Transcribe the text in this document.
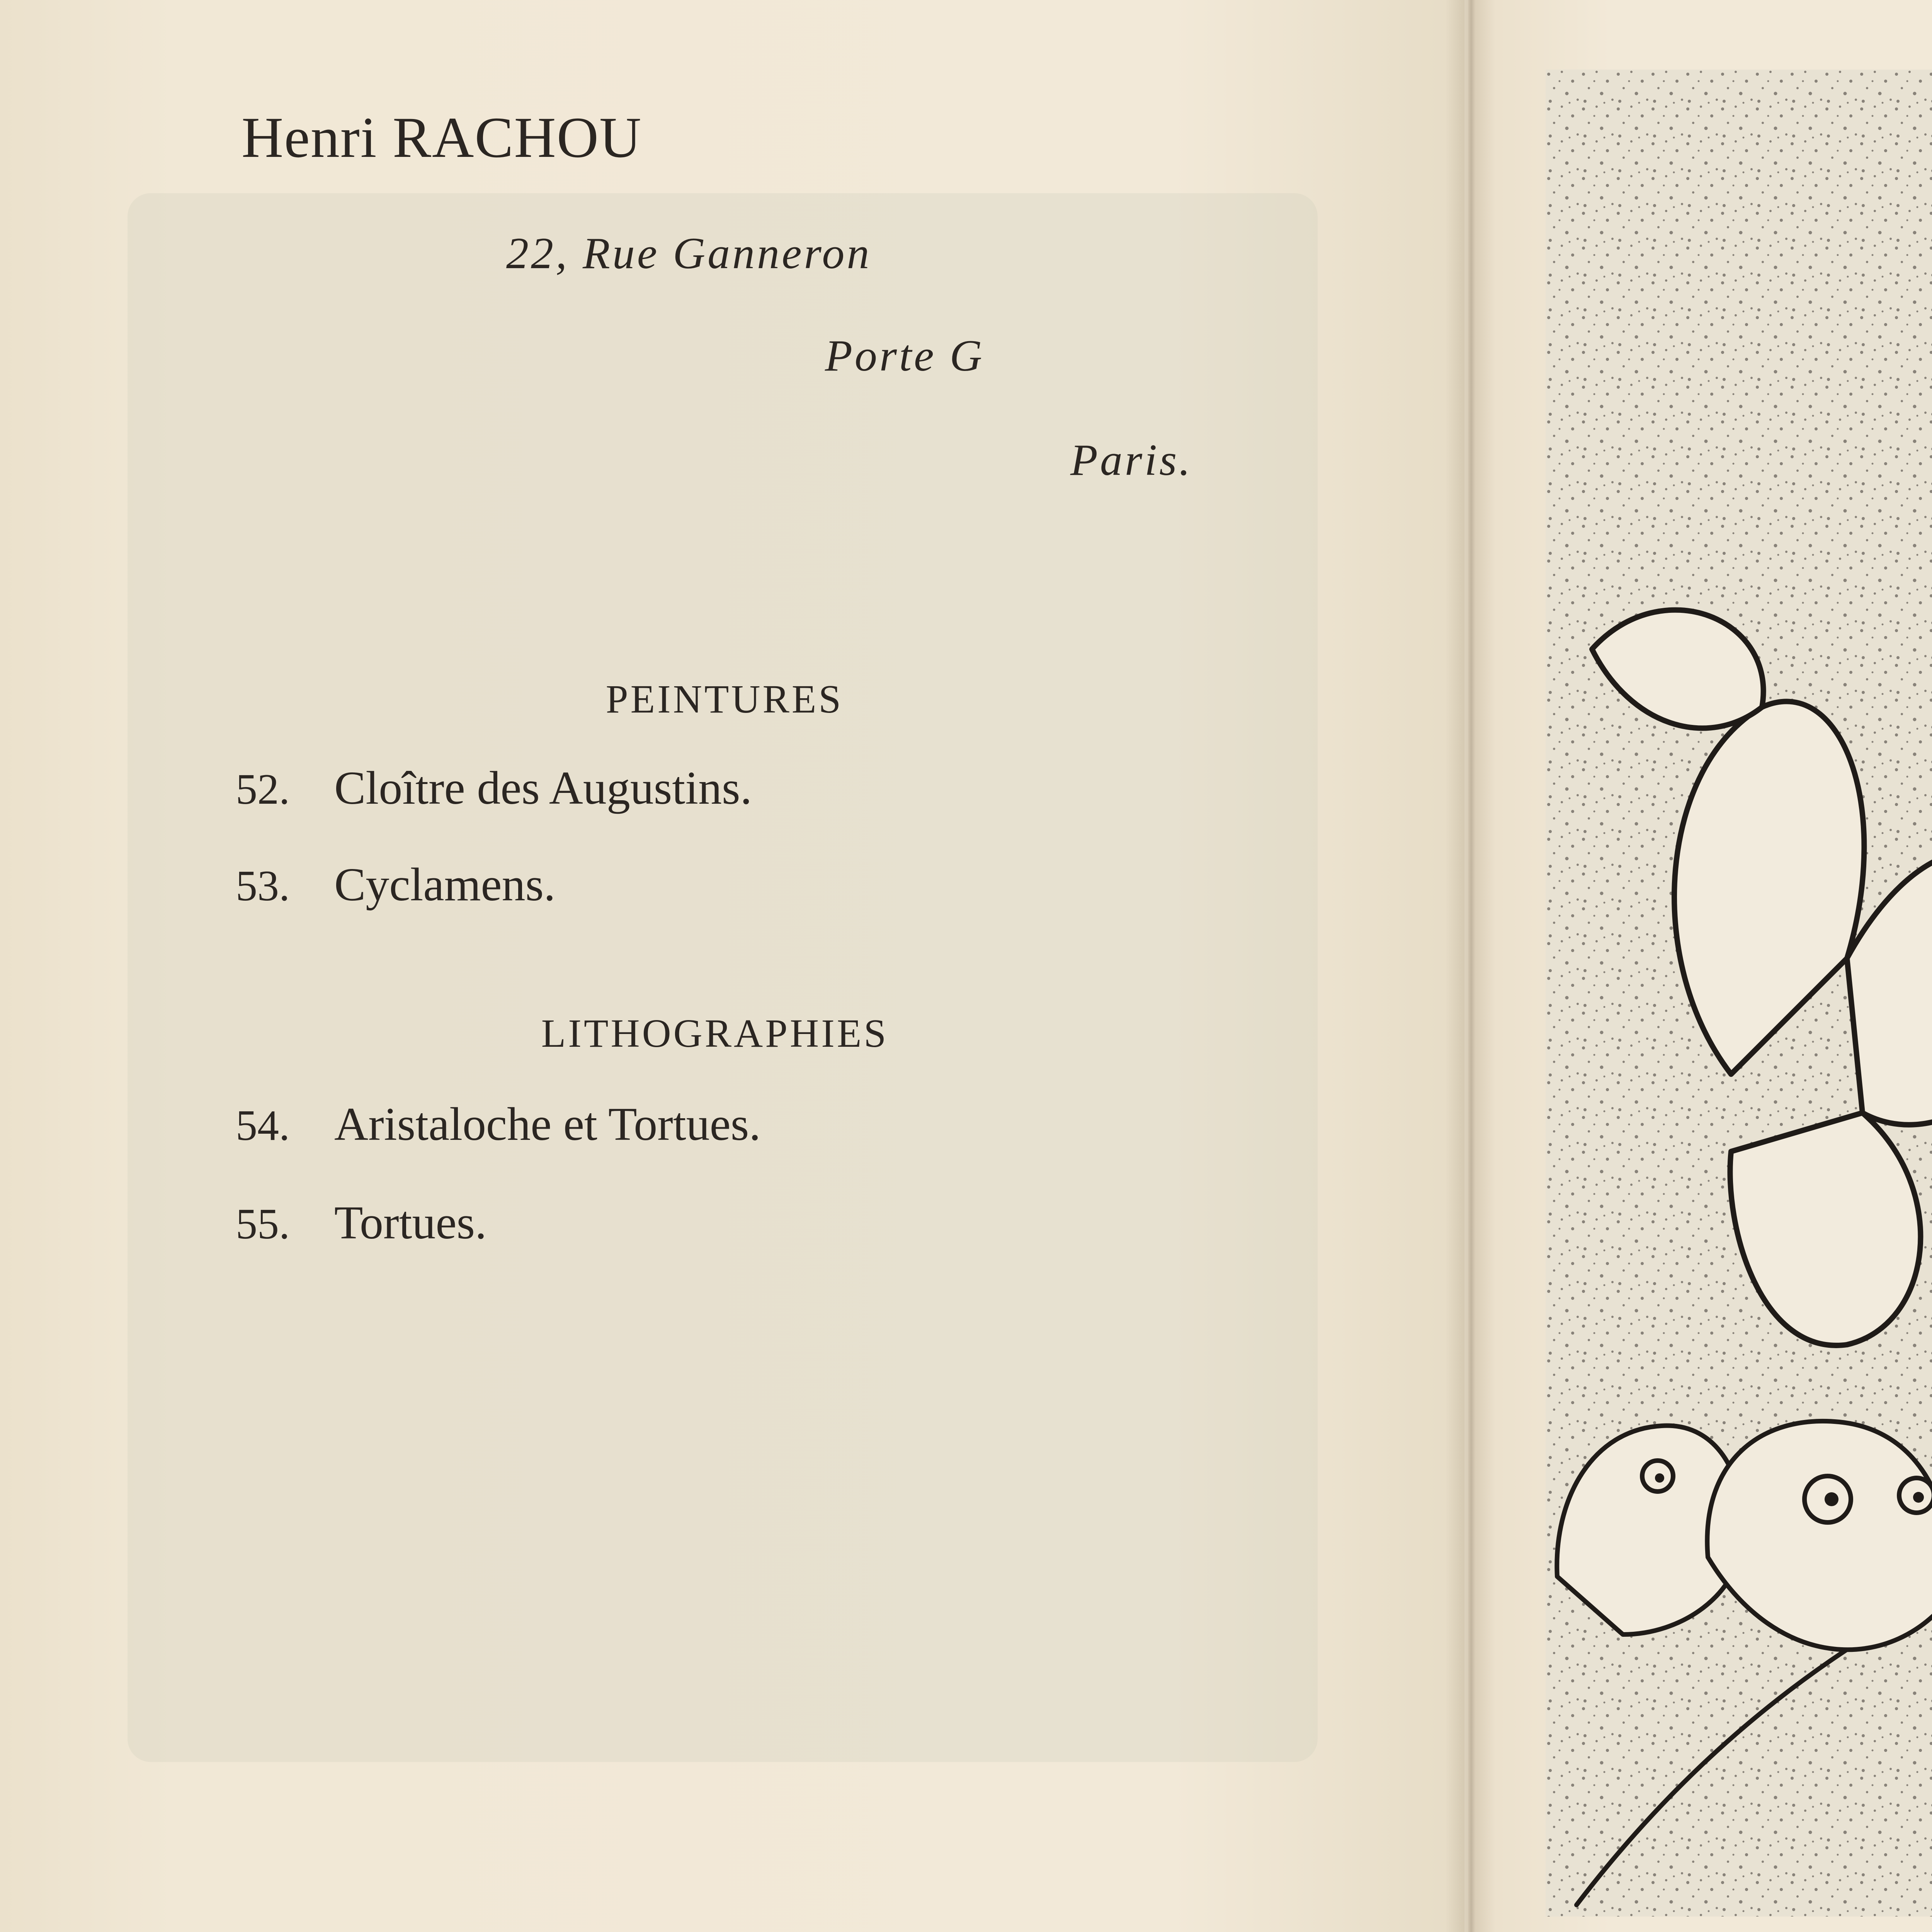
Henri RACHOU
22, Rue Ganneron
Porte G
Paris.
PEINTURES
52. Cloître des Augustins.
53. Cyclamens.
LITHOGRAPHIES
54. Aristaloche et Tortues.
55. Tortues.
